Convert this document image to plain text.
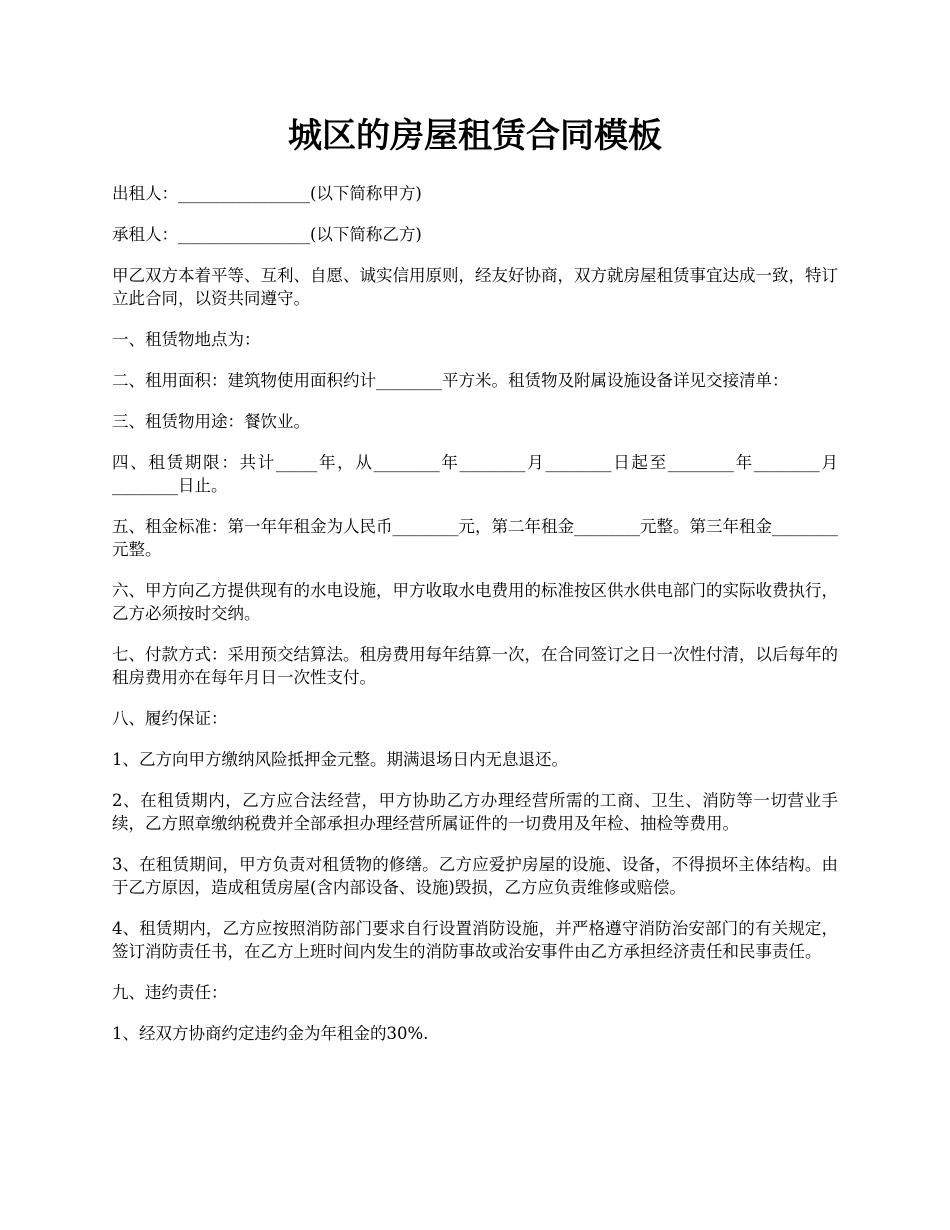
城区的房屋租赁合同模板

出租人：________________(以下简称甲方)

承租人：________________(以下简称乙方)

甲乙双方本着平等、互利、自愿、诚实信用原则，经友好协商，双方就房屋租赁事宜达成一致，特订立此合同，以资共同遵守。

一、租赁物地点为：

二、租用面积：建筑物使用面积约计________平方米。租赁物及附属设施设备详见交接清单：

三、租赁物用途：餐饮业。

四、租赁期限：共计_____年，从________年________月________日起至________年________月________日止。

五、租金标准：第一年年租金为人民币________元，第二年租金________元整。第三年租金________元整。

六、甲方向乙方提供现有的水电设施，甲方收取水电费用的标准按区供水供电部门的实际收费执行，乙方必须按时交纳。

七、付款方式：采用预交结算法。租房费用每年结算一次，在合同签订之日一次性付清，以后每年的租房费用亦在每年月日一次性支付。

八、履约保证：

1、乙方向甲方缴纳风险抵押金元整。期满退场日内无息退还。

2、在租赁期内，乙方应合法经营，甲方协助乙方办理经营所需的工商、卫生、消防等一切营业手续，乙方照章缴纳税费并全部承担办理经营所属证件的一切费用及年检、抽检等费用。

3、在租赁期间，甲方负责对租赁物的修缮。乙方应爱护房屋的设施、设备，不得损坏主体结构。由于乙方原因，造成租赁房屋(含内部设备、设施)毁损，乙方应负责维修或赔偿。

4、租赁期内，乙方应按照消防部门要求自行设置消防设施，并严格遵守消防治安部门的有关规定，签订消防责任书，在乙方上班时间内发生的消防事故或治安事件由乙方承担经济责任和民事责任。

九、违约责任：

1、经双方协商约定违约金为年租金的30%.
